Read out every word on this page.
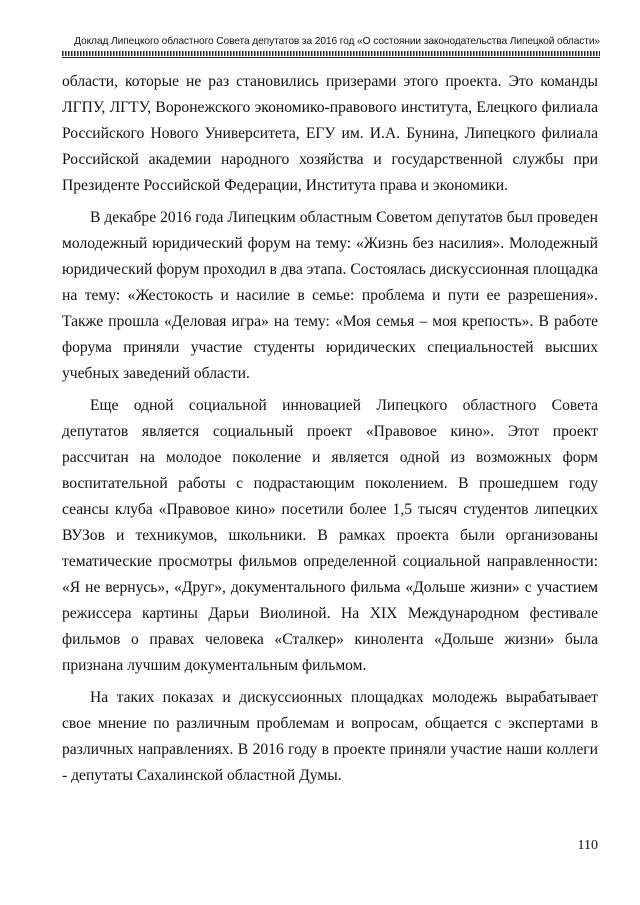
Доклад Липецкого областного Совета депутатов за 2016 год «О состоянии законодательства Липецкой области»

области, которые не раз становились призерами этого проекта. Это команды ЛГПУ, ЛГТУ, Воронежского экономико-правового института, Елецкого филиала Российского Нового Университета, ЕГУ им. И.А. Бунина, Липецкого филиала Российской академии народного хозяйства и государственной службы при Президенте Российской Федерации, Института права и экономики.

В декабре 2016 года Липецким областным Советом депутатов был проведен молодежный юридический форум на тему: «Жизнь без насилия». Молодежный юридический форум проходил в два этапа. Состоялась дискуссионная площадка на тему: «Жестокость и насилие в семье: проблема и пути ее разрешения». Также прошла «Деловая игра» на тему: «Моя семья – моя крепость». В работе форума приняли участие студенты юридических специальностей высших учебных заведений области.

Еще одной социальной инновацией Липецкого областного Совета депутатов является социальный проект «Правовое кино». Этот проект рассчитан на молодое поколение и является одной из возможных форм воспитательной работы с подрастающим поколением. В прошедшем году сеансы клуба «Правовое кино» посетили более 1,5 тысяч студентов липецких ВУЗов и техникумов, школьники. В рамках проекта были организованы тематические просмотры фильмов определенной социальной направленности: «Я не вернусь», «Друг», документального фильма «Дольше жизни» с участием режиссера картины Дарьи Виолиной. На XIX Международном фестивале фильмов о правах человека «Сталкер» кинолента «Дольше жизни» была признана лучшим документальным фильмом.

На таких показах и дискуссионных площадках молодежь вырабатывает свое мнение по различным проблемам и вопросам, общается с экспертами в различных направлениях. В 2016 году в проекте приняли участие наши коллеги - депутаты Сахалинской областной Думы.

110
